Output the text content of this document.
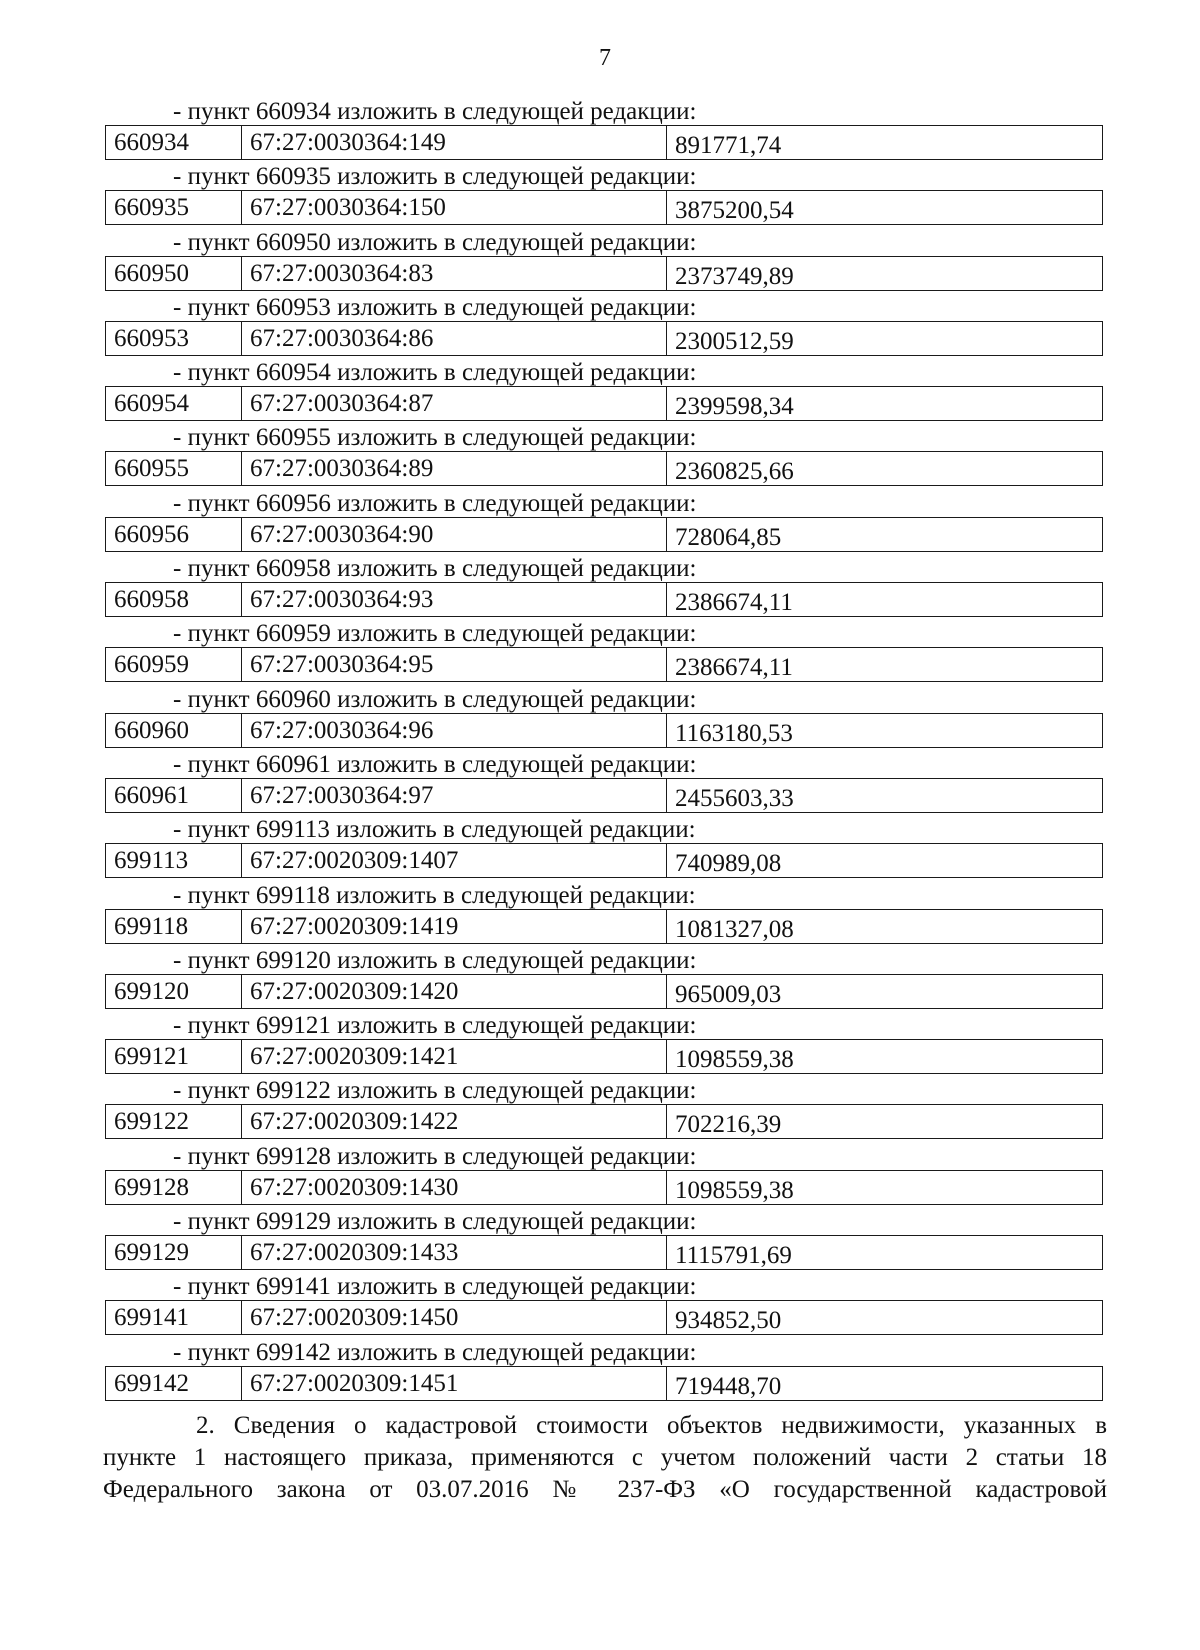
7
- пункт 660934 изложить в следующей редакции:
660934	67:27:0030364:149	891771,74
- пункт 660935 изложить в следующей редакции:
660935	67:27:0030364:150	3875200,54
- пункт 660950 изложить в следующей редакции:
660950	67:27:0030364:83	2373749,89
- пункт 660953 изложить в следующей редакции:
660953	67:27:0030364:86	2300512,59
- пункт 660954 изложить в следующей редакции:
660954	67:27:0030364:87	2399598,34
- пункт 660955 изложить в следующей редакции:
660955	67:27:0030364:89	2360825,66
- пункт 660956 изложить в следующей редакции:
660956	67:27:0030364:90	728064,85
- пункт 660958 изложить в следующей редакции:
660958	67:27:0030364:93	2386674,11
- пункт 660959 изложить в следующей редакции:
660959	67:27:0030364:95	2386674,11
- пункт 660960 изложить в следующей редакции:
660960	67:27:0030364:96	1163180,53
- пункт 660961 изложить в следующей редакции:
660961	67:27:0030364:97	2455603,33
- пункт 699113 изложить в следующей редакции:
699113	67:27:0020309:1407	740989,08
- пункт 699118 изложить в следующей редакции:
699118	67:27:0020309:1419	1081327,08
- пункт 699120 изложить в следующей редакции:
699120	67:27:0020309:1420	965009,03
- пункт 699121 изложить в следующей редакции:
699121	67:27:0020309:1421	1098559,38
- пункт 699122 изложить в следующей редакции:
699122	67:27:0020309:1422	702216,39
- пункт 699128 изложить в следующей редакции:
699128	67:27:0020309:1430	1098559,38
- пункт 699129 изложить в следующей редакции:
699129	67:27:0020309:1433	1115791,69
- пункт 699141 изложить в следующей редакции:
699141	67:27:0020309:1450	934852,50
- пункт 699142 изложить в следующей редакции:
699142	67:27:0020309:1451	719448,70
2. Сведения о кадастровой стоимости объектов недвижимости, указанных в
пункте 1 настоящего приказа, применяются с учетом положений части 2 статьи 18
Федерального закона от 03.07.2016 № 237-ФЗ «О государственной кадастровой
